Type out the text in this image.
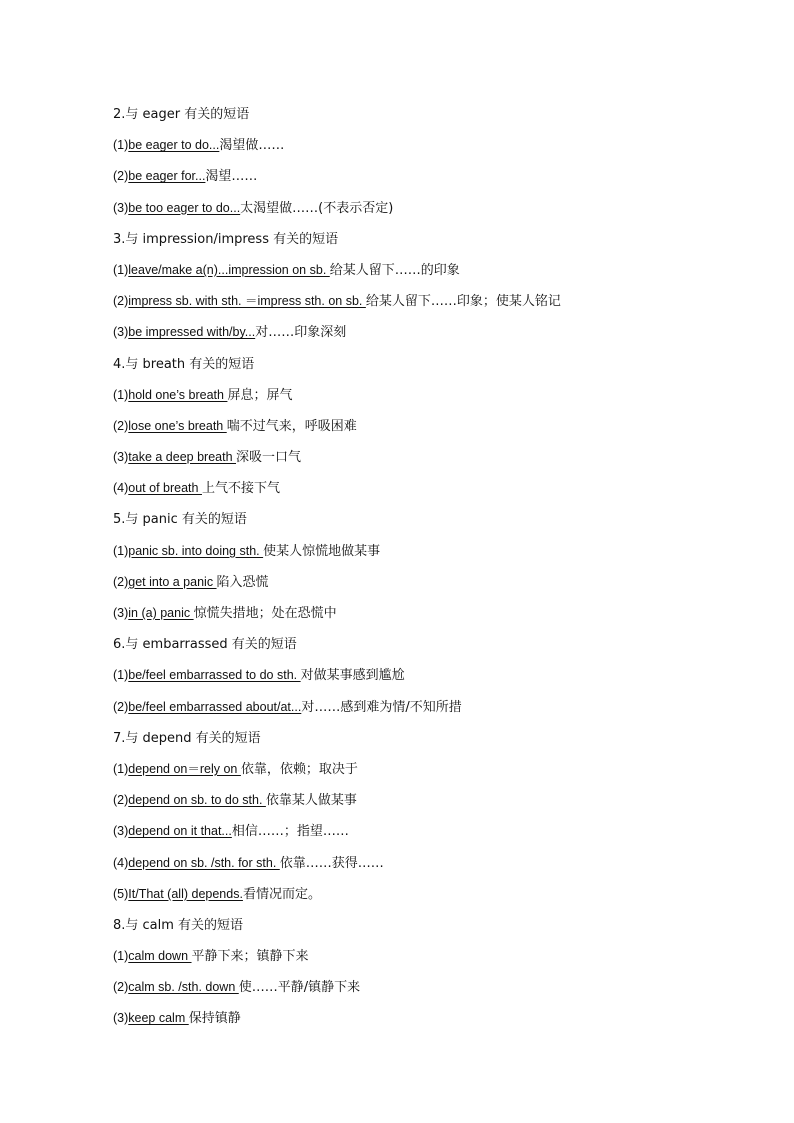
2.与 eager 有关的短语
(1)be eager to do...渴望做……
(2)be eager for...渴望……
(3)be too eager to do...太渴望做……(不表示否定)
3.与 impression/impress 有关的短语
(1)leave/make a(n)...impression on sb. 给某人留下……的印象
(2)impress sb. with sth. ＝impress sth. on sb. 给某人留下……印象；使某人铭记
(3)be impressed with/by...对……印象深刻
4.与 breath 有关的短语
(1)hold one’s breath 屏息；屏气
(2)lose one’s breath 喘不过气来，呼吸困难
(3)take a deep breath 深吸一口气
(4)out of breath 上气不接下气
5.与 panic 有关的短语
(1)panic sb. into doing sth. 使某人惊慌地做某事
(2)get into a panic 陷入恐慌
(3)in (a) panic 惊慌失措地；处在恐慌中
6.与 embarrassed 有关的短语
(1)be/feel embarrassed to do sth. 对做某事感到尴尬
(2)be/feel embarrassed about/at...对……感到难为情/不知所措
7.与 depend 有关的短语
(1)depend on＝rely on 依靠，依赖；取决于
(2)depend on sb. to do sth. 依靠某人做某事
(3)depend on it that...相信……；指望……
(4)depend on sb. /sth. for sth. 依靠……获得……
(5)It/That (all) depends.看情况而定。
8.与 calm 有关的短语
(1)calm down 平静下来；镇静下来
(2)calm sb. /sth. down 使……平静/镇静下来
(3)keep calm 保持镇静
